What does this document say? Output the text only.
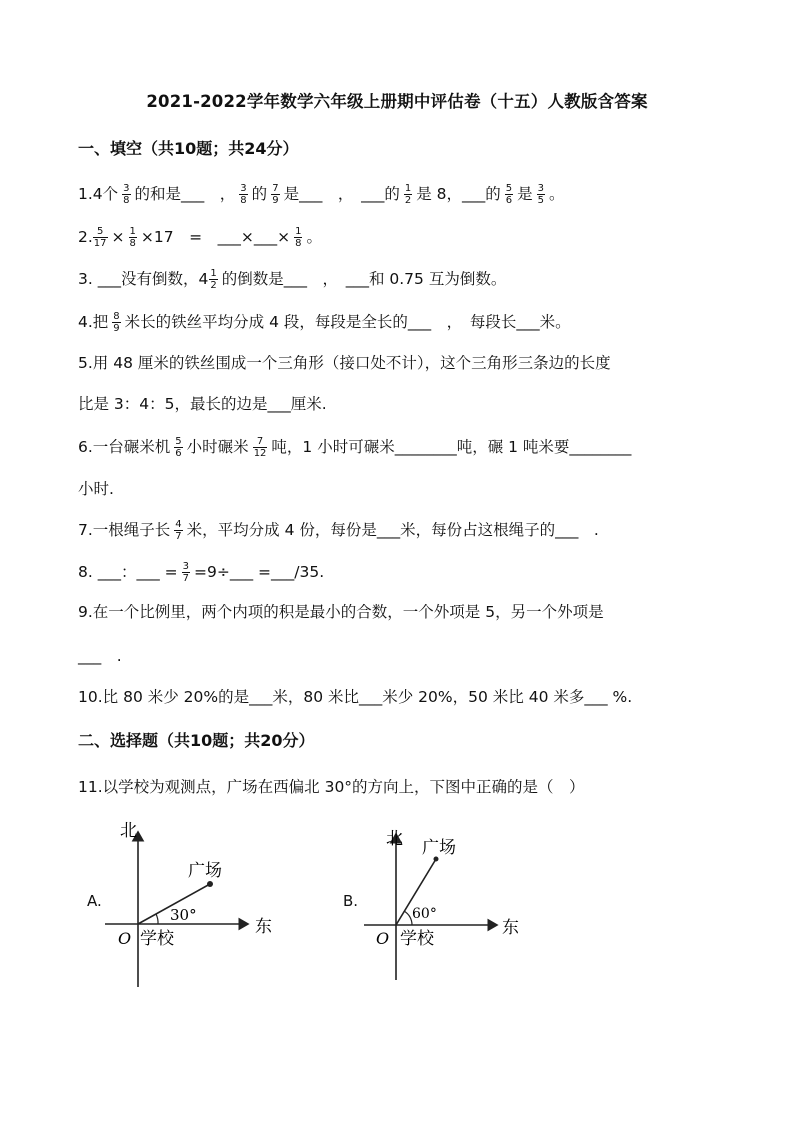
2021-2022学年数学六年级上册期中评估卷（十五）人教版含答案
一、填空（共10题；共24分）
1.4个 $\frac{3}{8}$ 的和是___　， $\frac{3}{8}$ 的 $\frac{7}{9}$ 是___　，　___的 $\frac{1}{2}$ 是 8，___的 $\frac{5}{6}$ 是 $\frac{3}{5}$ 。
2. $\frac{5}{17} \times \frac{1}{8} \times 17$　=　___×___× $\frac{1}{8}$ 。
3. ___没有倒数，$4 \frac{1}{2}$ 的倒数是___　，　___和 0.75 互为倒数。
4.把 $\frac{8}{9}$ 米长的铁丝平均分成 4 段，每段是全长的___　，　每段长___米。
5.用 48 厘米的铁丝围成一个三角形（接口处不计），这个三角形三条边的长度
比是 3：4：5，最长的边是___厘米.
6.一台碾米机 $\frac{5}{6}$ 小时碾米 $\frac{7}{12}$ 吨，1 小时可碾米________吨，碾 1 吨米要________
小时.
7.一根绳子长 $\frac{4}{7}$ 米，平均分成 4 份，每份是___米，每份占这根绳子的___　.
8. ___：___ = $\frac{3}{7}$ =9÷___ =___/35.
9.在一个比例里，两个内项的积是最小的合数，一个外项是 5，另一个外项是
___　.
10.比 80 米少 20%的是___米，80 米比___米少 20%，50 米比 40 米多___ %.
二、选择题（共10题；共20分）
11.以学校为观测点，广场在西偏北 30°的方向上，下图中正确的是（　）
A.
北
东
O 学校
广场
30°
B.
北
东
O 学校
广场
60°
